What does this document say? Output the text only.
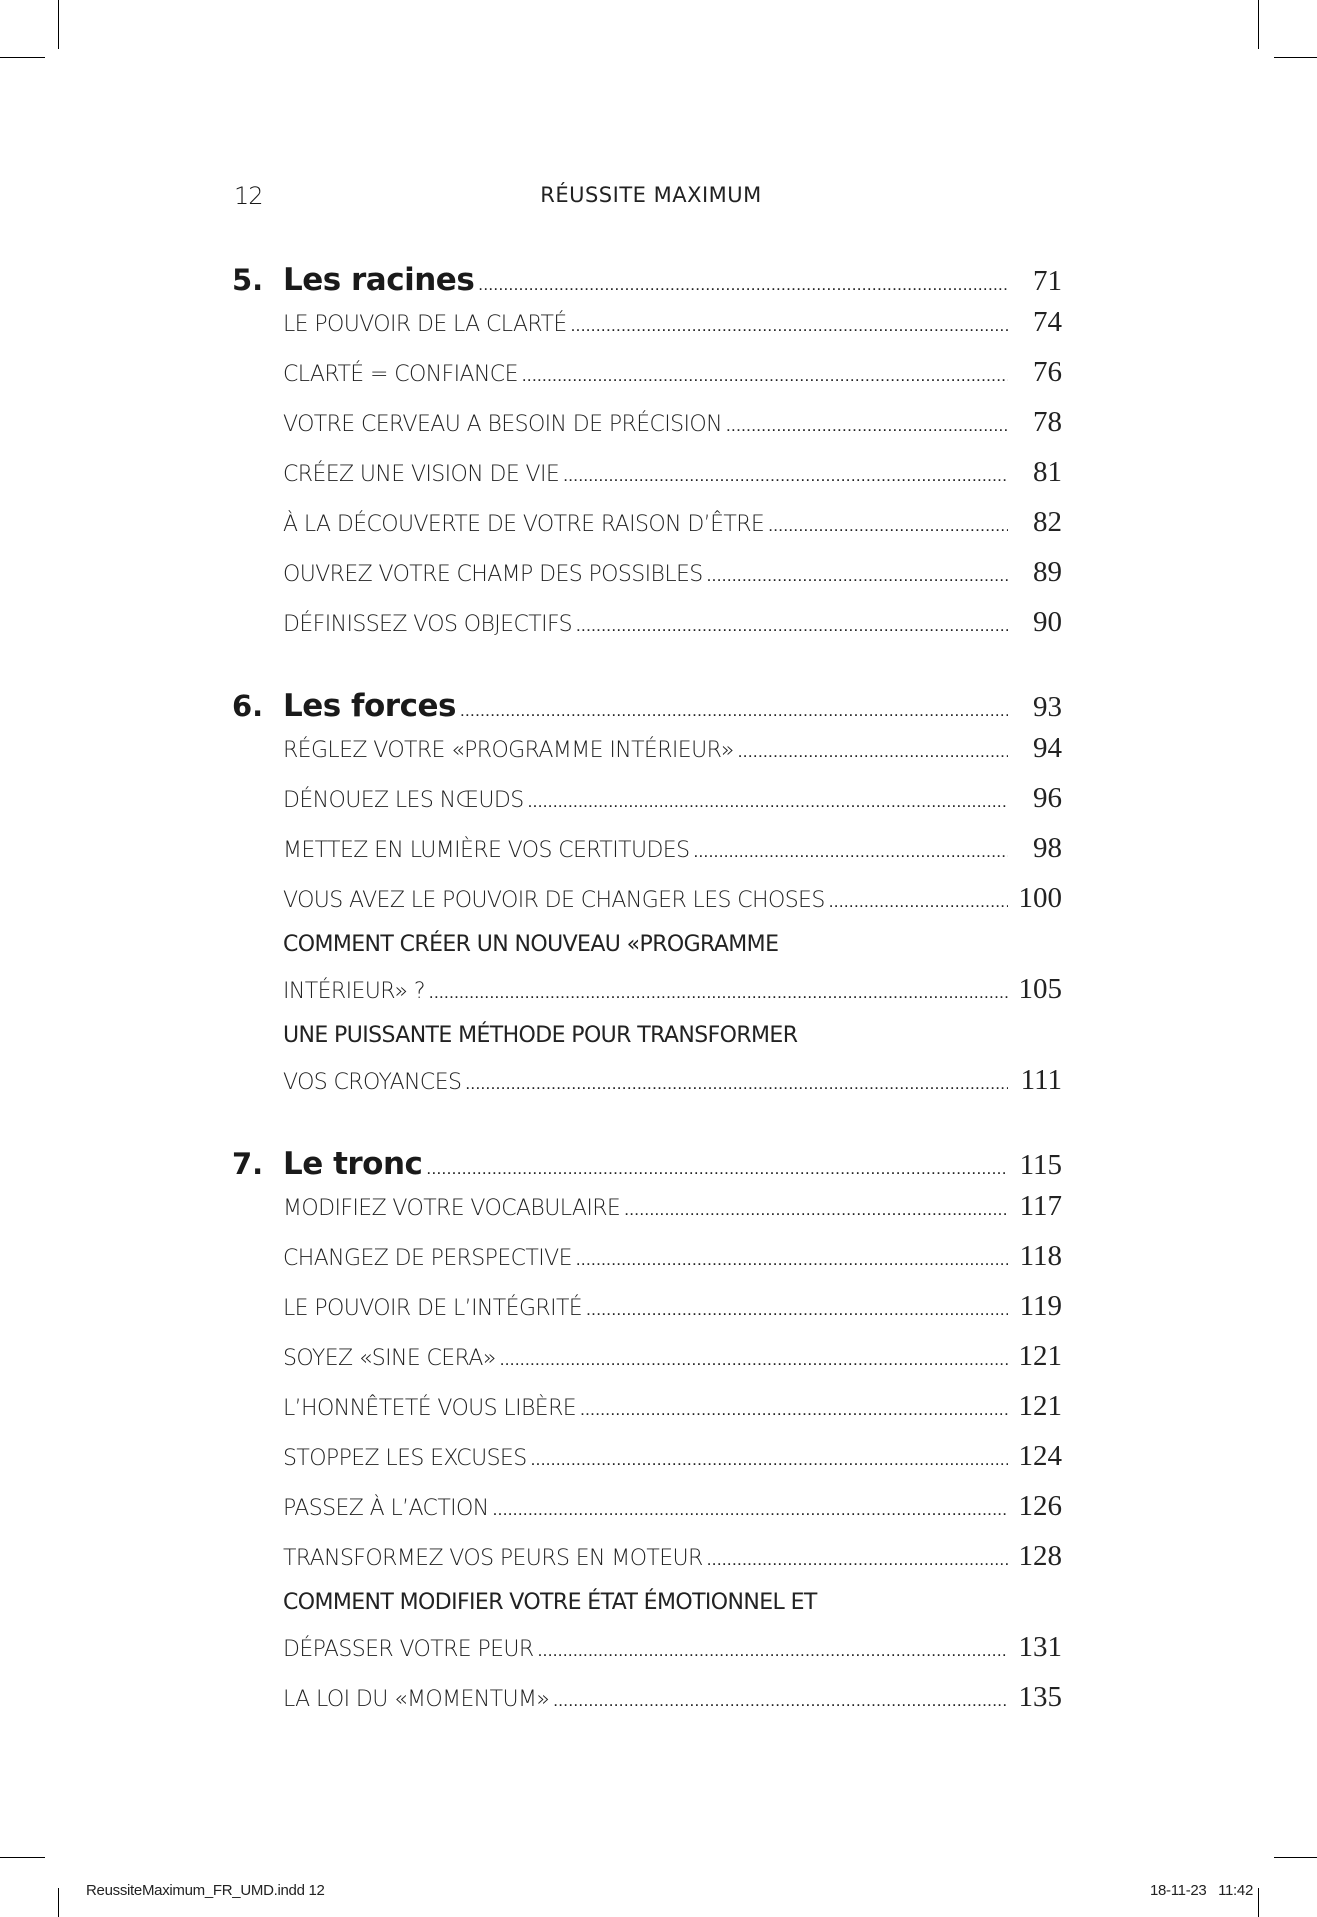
12	RÉUSSITE MAXIMUM
5. Les racines . . .	71
LE POUVOIR DE LA CLARTÉ . . .	74
CLARTÉ = CONFIANCE . . .	76
VOTRE CERVEAU A BESOIN DE PRÉCISION . . .	78
CRÉEZ UNE VISION DE VIE . . .	81
À LA DÉCOUVERTE DE VOTRE RAISON D’ÊTRE . . .	82
OUVREZ VOTRE CHAMP DES POSSIBLES . . .	89
DÉFINISSEZ VOS OBJECTIFS . . .	90
6. Les forces . . .	93
RÉGLEZ VOTRE «PROGRAMME INTÉRIEUR» . . .	94
DÉNOUEZ LES NŒUDS . . .	96
METTEZ EN LUMIÈRE VOS CERTITUDES . . .	98
VOUS AVEZ LE POUVOIR DE CHANGER LES CHOSES . . .	100
COMMENT CRÉER UN NOUVEAU «PROGRAMME
INTÉRIEUR» ? . . .	105
UNE PUISSANTE MÉTHODE POUR TRANSFORMER
VOS CROYANCES . . .	111
7. Le tronc . . .	115
MODIFIEZ VOTRE VOCABULAIRE . . .	117
CHANGEZ DE PERSPECTIVE . . .	118
LE POUVOIR DE L’INTÉGRITÉ . . .	119
SOYEZ «SINE CERA» . . .	121
L’HONNÊTETÉ VOUS LIBÈRE . . .	121
STOPPEZ LES EXCUSES . . .	124
PASSEZ À L’ACTION . . .	126
TRANSFORMEZ VOS PEURS EN MOTEUR . . .	128
COMMENT MODIFIER VOTRE ÉTAT ÉMOTIONNEL ET
DÉPASSER VOTRE PEUR . . .	131
LA LOI DU «MOMENTUM» . . .	135
ReussiteMaximum_FR_UMD.indd 12	18-11-23   11:42
